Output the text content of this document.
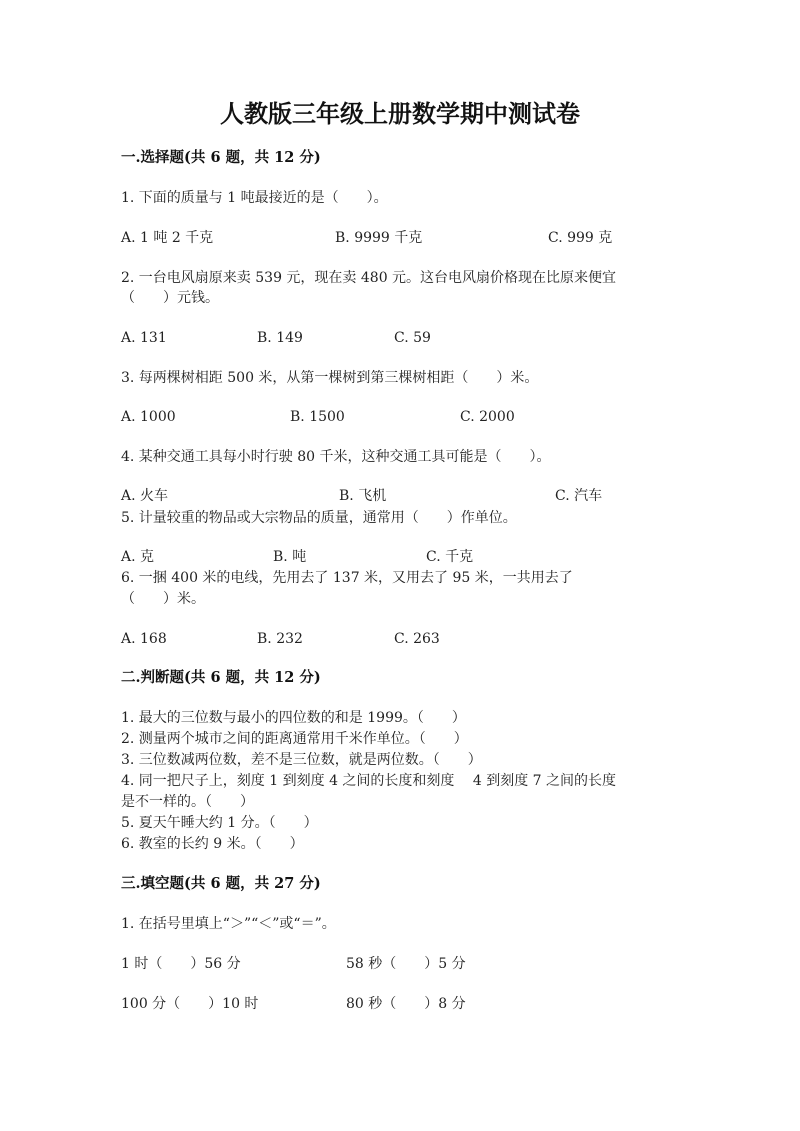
人教版三年级上册数学期中测试卷
一.选择题(共 6 题，共 12 分)
1. 下面的质量与 1 吨最接近的是（　　）。
A. 1 吨 2 千克	B. 9999 千克	C. 999 克
2. 一台电风扇原来卖 539 元，现在卖 480 元。这台电风扇价格现在比原来便宜
（　　）元钱。
A. 131	B. 149	C. 59
3. 每两棵树相距 500 米，从第一棵树到第三棵树相距（　　）米。
A. 1000	B. 1500	C. 2000
4. 某种交通工具每小时行驶 80 千米，这种交通工具可能是（　　）。
A. 火车	B. 飞机	C. 汽车
5. 计量较重的物品或大宗物品的质量，通常用（　　）作单位。
A. 克	B. 吨	C. 千克
6. 一捆 400 米的电线，先用去了 137 米，又用去了 95 米，一共用去了
（　　）米。
A. 168	B. 232	C. 263
二.判断题(共 6 题，共 12 分)
1. 最大的三位数与最小的四位数的和是 1999。（　　）
2. 测量两个城市之间的距离通常用千米作单位。（　　）
3. 三位数减两位数，差不是三位数，就是两位数。（　　）
4. 同一把尺子上，刻度 1 到刻度 4 之间的长度和刻度　 4 到刻度 7 之间的长度
是不一样的。（　　）
5. 夏天午睡大约 1 分。（　　）
6. 教室的长约 9 米。（　　）
三.填空题(共 6 题，共 27 分)
1. 在括号里填上“＞”“＜”或“＝”。
1 时（　　）56 分	58 秒（　　）5 分
100 分（　　）10 时	80 秒（　　）8 分
